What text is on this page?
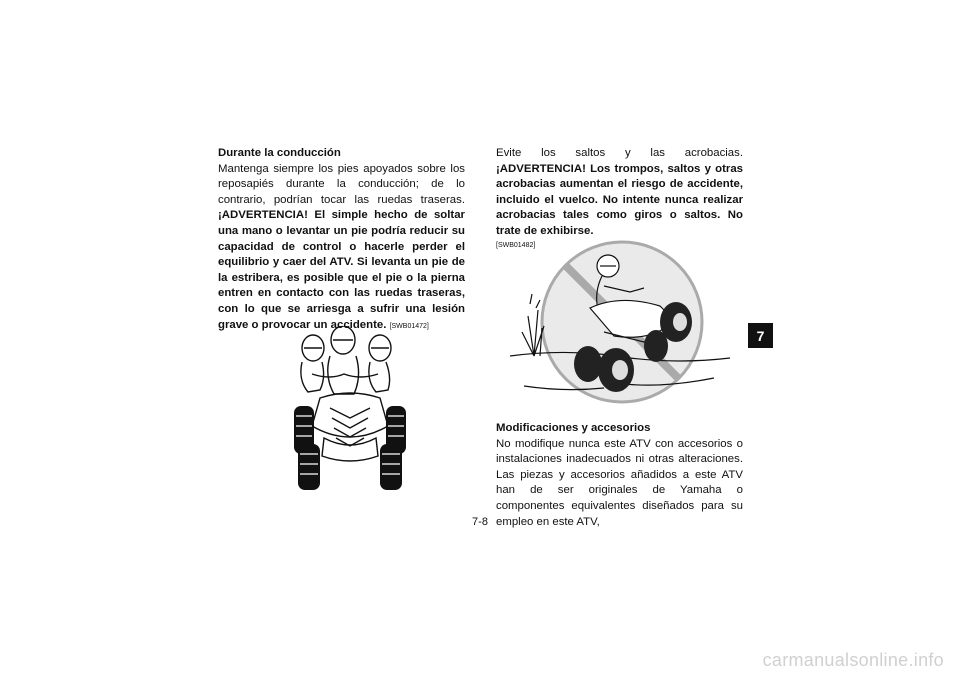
Durante la conducción

Mantenga siempre los pies apoyados sobre los reposapiés durante la conducción; de lo contrario, podrían tocar las ruedas traseras. ¡ADVERTENCIA! El simple hecho de soltar una mano o levantar un pie podría reducir su capacidad de control o hacerle perder el equilibrio y caer del ATV. Si levanta un pie de la estribera, es posible que el pie o la pierna entren en contacto con las ruedas traseras, con lo que se arriesga a sufrir una lesión grave o provocar un accidente. [SWB01472]

Evite los saltos y las acrobacias. ¡ADVERTENCIA! Los trompos, saltos y otras acrobacias aumentan el riesgo de accidente, incluido el vuelco. No intente nunca realizar acrobacias tales como giros o saltos. No trate de exhibirse.

[SWB01482]

Modificaciones y accesorios

No modifique nunca este ATV con accesorios o instalaciones inadecuados ni otras alteraciones. Las piezas y accesorios añadidos a este ATV han de ser originales de Yamaha o componentes equivalentes diseñados para su empleo en este ATV,

7
7-8
carmanualsonline.info
